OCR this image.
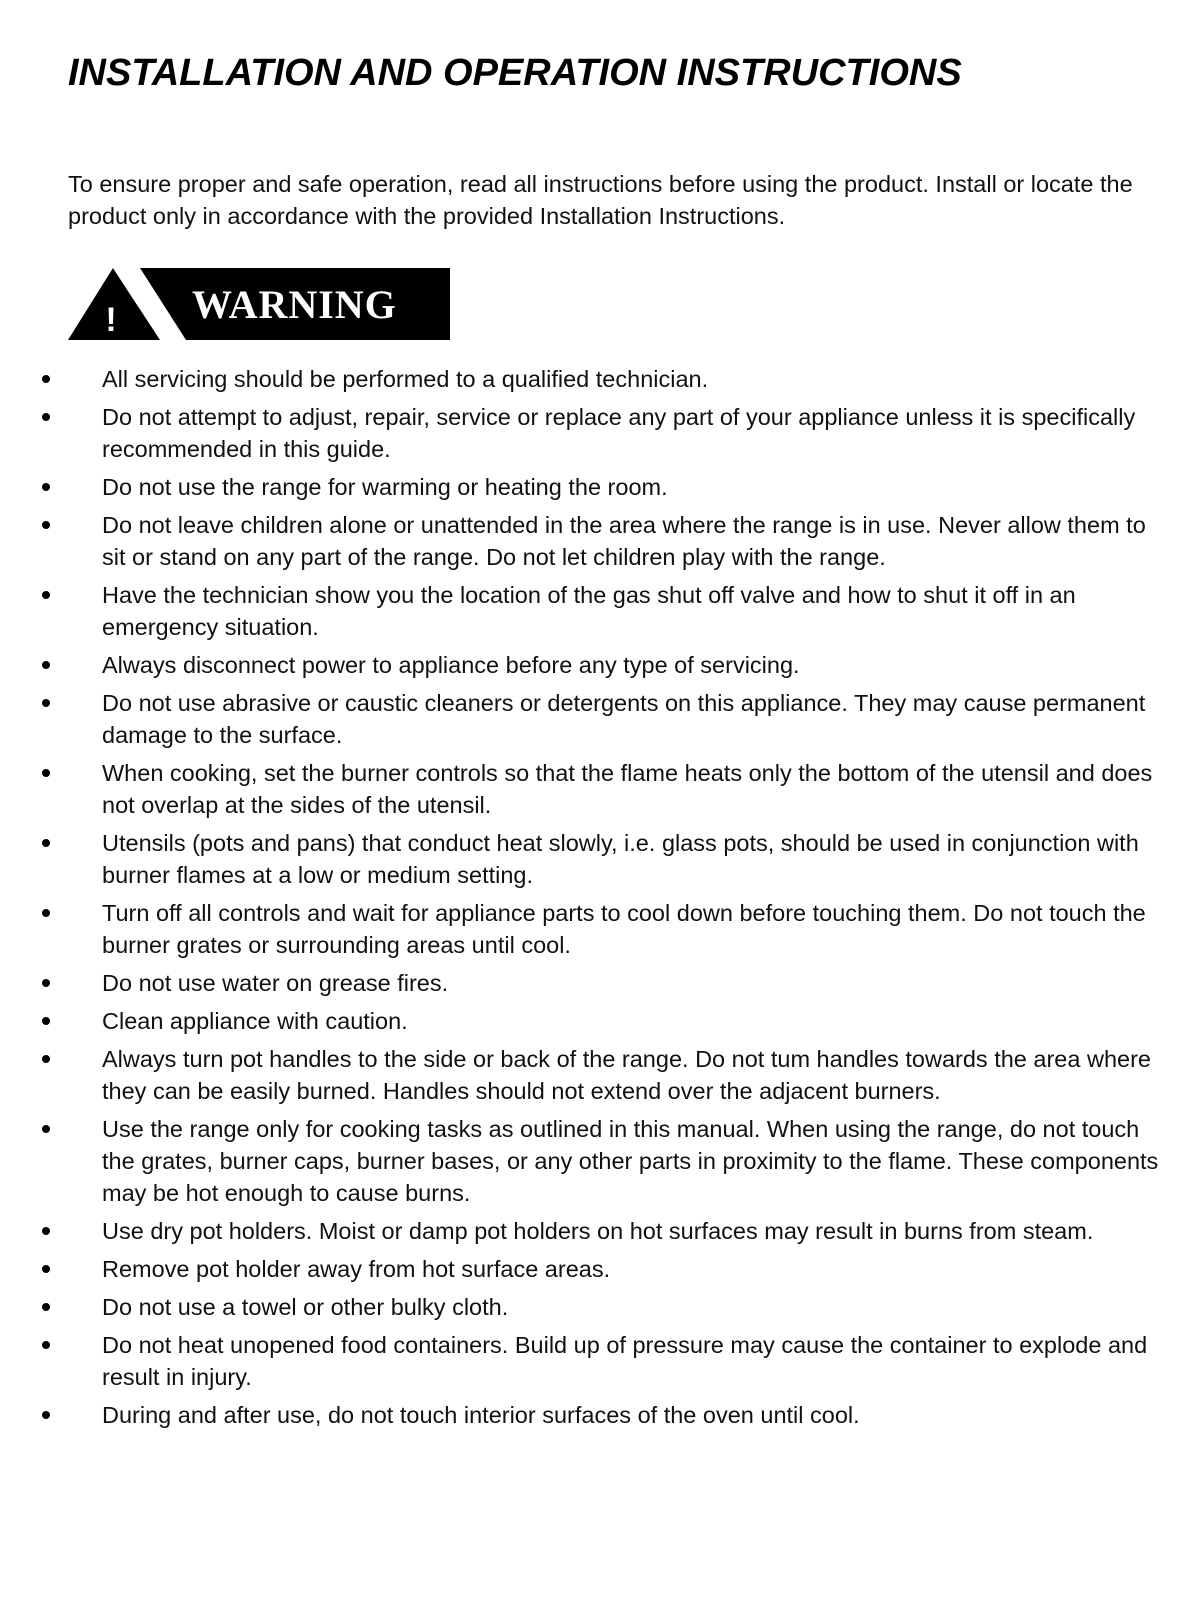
INSTALLATION AND OPERATION INSTRUCTIONS

To ensure proper and safe operation, read all instructions before using the product. Install or locate the product only in accordance with the provided Installation Instructions.

! WARNING
All servicing should be performed to a qualified technician.
Do not attempt to adjust, repair, service or replace any part of your appliance unless it is specifically recommended in this guide.
Do not use the range for warming or heating the room.
Do not leave children alone or unattended in the area where the range is in use. Never allow them to sit or stand on any part of the range. Do not let children play with the range.
Have the technician show you the location of the gas shut off valve and how to shut it off in an emergency situation.
Always disconnect power to appliance before any type of servicing.
Do not use abrasive or caustic cleaners or detergents on this appliance. They may cause permanent damage to the surface.
When cooking, set the burner controls so that the flame heats only the bottom of the utensil and does not overlap at the sides of the utensil.
Utensils (pots and pans) that conduct heat slowly, i.e. glass pots, should be used in conjunction with burner flames at a low or medium setting.
Turn off all controls and wait for appliance parts to cool down before touching them. Do not touch the burner grates or surrounding areas until cool.
Do not use water on grease fires.
Clean appliance with caution.
Always turn pot handles to the side or back of the range. Do not tum handles towards the area where they can be easily burned. Handles should not extend over the adjacent burners.
Use the range only for cooking tasks as outlined in this manual. When using the range, do not touch the grates, burner caps, burner bases, or any other parts in proximity to the flame. These components may be hot enough to cause burns.
Use dry pot holders. Moist or damp pot holders on hot surfaces may result in burns from steam.
Remove pot holder away from hot surface areas.
Do not use a towel or other bulky cloth.
Do not heat unopened food containers. Build up of pressure may cause the container to explode and result in injury.
During and after use, do not touch interior surfaces of the oven until cool.
